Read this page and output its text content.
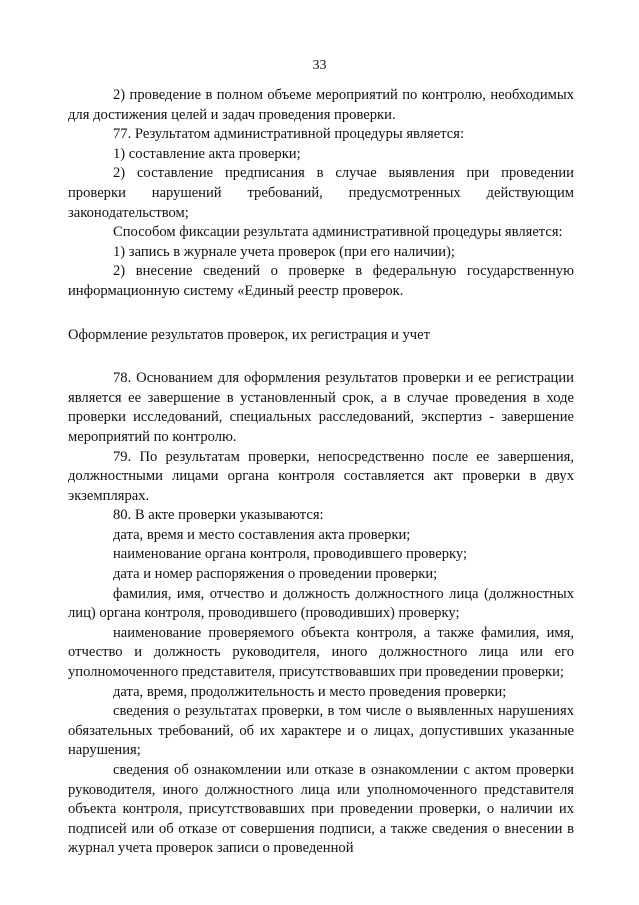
33

2) проведение в полном объеме мероприятий по контролю, необходимых для достижения целей и задач проведения проверки.

77. Результатом административной процедуры является:

1) составление акта проверки;

2) составление предписания в случае выявления при проведении проверки нарушений требований, предусмотренных действующим законодательством;

Способом фиксации результата административной процедуры является:

1) запись в журнале учета проверок (при его наличии);

2) внесение сведений о проверке в федеральную государственную информационную систему «Единый реестр проверок.

Оформление результатов проверок, их регистрация и учет

78. Основанием для оформления результатов проверки и ее регистрации является ее завершение в установленный срок, а в случае проведения в ходе проверки исследований, специальных расследований, экспертиз - завершение мероприятий по контролю.

79. По результатам проверки, непосредственно после ее завершения, должностными лицами органа контроля составляется акт проверки в двух экземплярах.

80. В акте проверки указываются:

дата, время и место составления акта проверки;

наименование органа контроля, проводившего проверку;

дата и номер распоряжения о проведении проверки;

фамилия, имя, отчество и должность должностного лица (должностных лиц) органа контроля, проводившего (проводивших) проверку;

наименование проверяемого объекта контроля, а также фамилия, имя, отчество и должность руководителя, иного должностного лица или его уполномоченного представителя, присутствовавших при проведении проверки;

дата, время, продолжительность и место проведения проверки;

сведения о результатах проверки, в том числе о выявленных нарушениях обязательных требований, об их характере и о лицах, допустивших указанные нарушения;

сведения об ознакомлении или отказе в ознакомлении с актом проверки руководителя, иного должностного лица или уполномоченного представителя объекта контроля, присутствовавших при проведении проверки, о наличии их подписей или об отказе от совершения подписи, а также сведения о внесении в журнал учета проверок записи о проведенной
